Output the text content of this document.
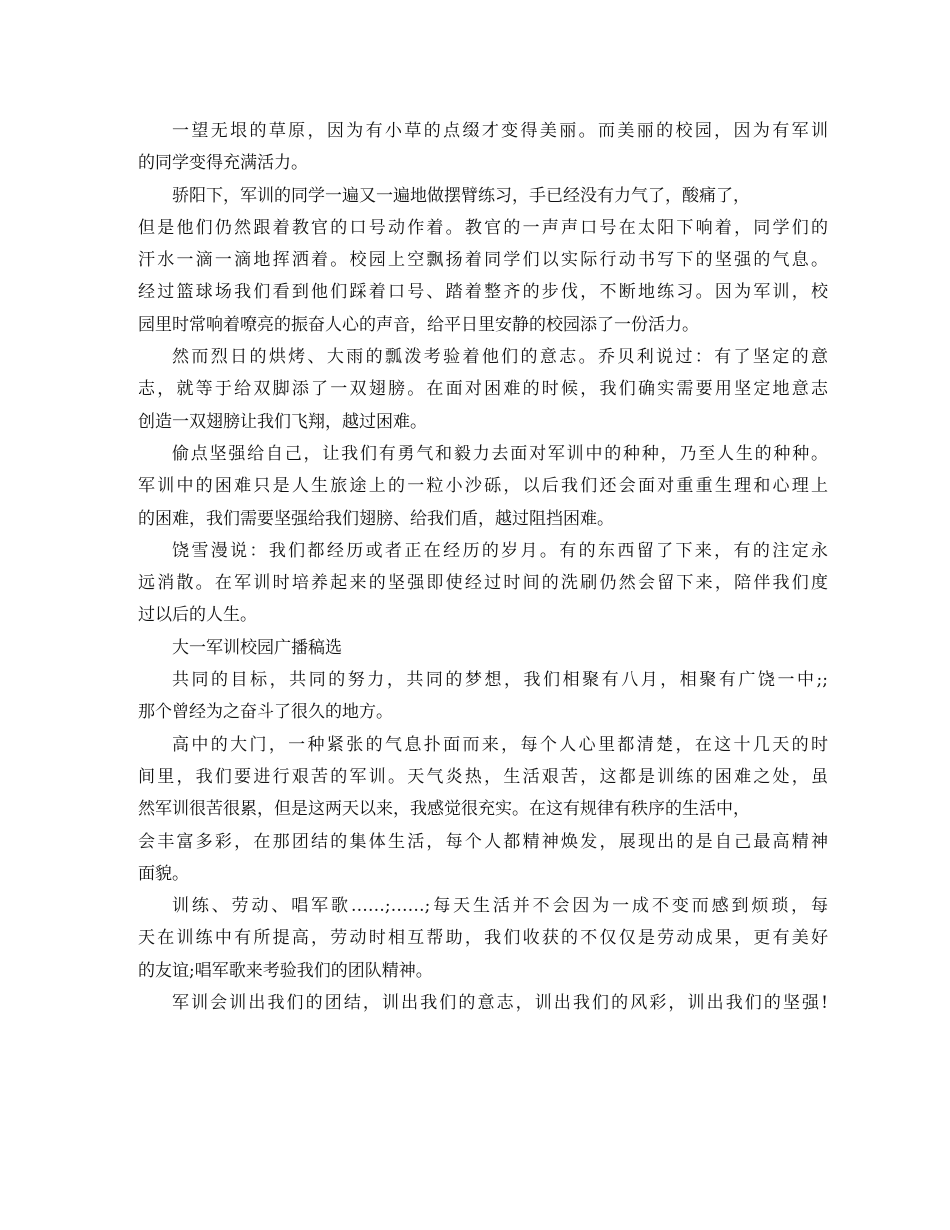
一望无垠的草原，因为有小草的点缀才变得美丽。而美丽的校园，因为有军训
的同学变得充满活力。
骄阳下，军训的同学一遍又一遍地做摆臂练习，手已经没有力气了，酸痛了，
但是他们仍然跟着教官的口号动作着。教官的一声声口号在太阳下响着，同学们的
汗水一滴一滴地挥洒着。校园上空飘扬着同学们以实际行动书写下的坚强的气息。
经过篮球场我们看到他们踩着口号、踏着整齐的步伐，不断地练习。因为军训，校
园里时常响着嘹亮的振奋人心的声音，给平日里安静的校园添了一份活力。
然而烈日的烘烤、大雨的瓢泼考验着他们的意志。乔贝利说过：有了坚定的意
志，就等于给双脚添了一双翅膀。在面对困难的时候，我们确实需要用坚定地意志
创造一双翅膀让我们飞翔，越过困难。
偷点坚强给自己，让我们有勇气和毅力去面对军训中的种种，乃至人生的种种。
军训中的困难只是人生旅途上的一粒小沙砾，以后我们还会面对重重生理和心理上
的困难，我们需要坚强给我们翅膀、给我们盾，越过阻挡困难。
饶雪漫说：我们都经历或者正在经历的岁月。有的东西留了下来，有的注定永
远消散。在军训时培养起来的坚强即使经过时间的洗刷仍然会留下来，陪伴我们度
过以后的人生。
大一军训校园广播稿选
共同的目标，共同的努力，共同的梦想，我们相聚有八月，相聚有广饶一中;;
那个曾经为之奋斗了很久的地方。
高中的大门，一种紧张的气息扑面而来，每个人心里都清楚，在这十几天的时
间里，我们要进行艰苦的军训。天气炎热，生活艰苦，这都是训练的困难之处，虽
然军训很苦很累，但是这两天以来，我感觉很充实。在这有规律有秩序的生活中，
会丰富多彩，在那团结的集体生活，每个人都精神焕发，展现出的是自己最高精神
面貌。
训练、劳动、唱军歌……;……;每天生活并不会因为一成不变而感到烦琐，每
天在训练中有所提高，劳动时相互帮助，我们收获的不仅仅是劳动成果，更有美好
的友谊;唱军歌来考验我们的团队精神。
军训会训出我们的团结，训出我们的意志，训出我们的风彩，训出我们的坚强!
